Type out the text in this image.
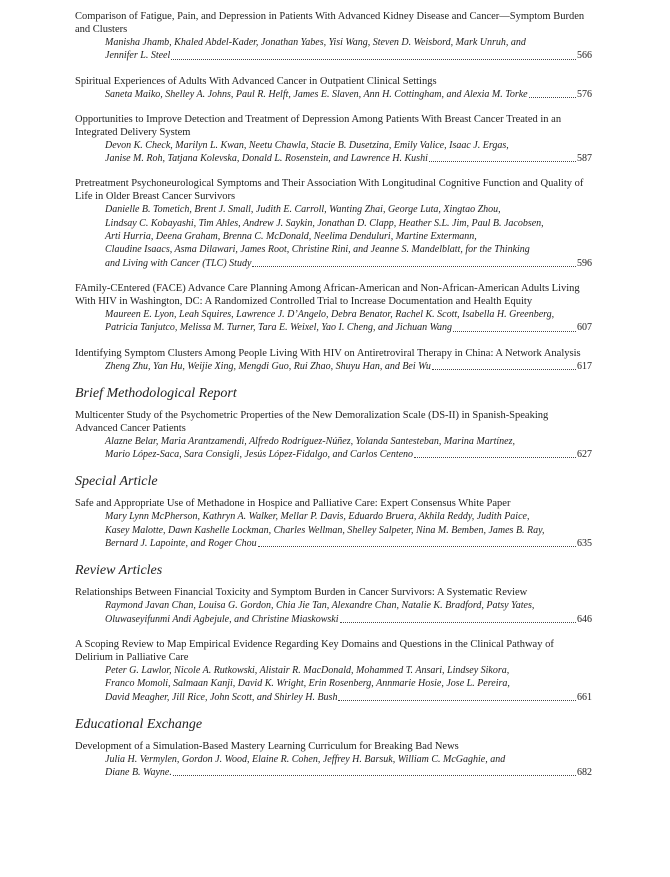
Comparison of Fatigue, Pain, and Depression in Patients With Advanced Kidney Disease and Cancer—Symptom Burden and Clusters
Manisha Jhamb, Khaled Abdel-Kader, Jonathan Yabes, Yisi Wang, Steven D. Weisbord, Mark Unruh, and
Jennifer L. Steel	566
Spiritual Experiences of Adults With Advanced Cancer in Outpatient Clinical Settings
Saneta Maiko, Shelley A. Johns, Paul R. Helft, James E. Slaven, Ann H. Cottingham, and Alexia M. Torke	576
Opportunities to Improve Detection and Treatment of Depression Among Patients With Breast Cancer Treated in an Integrated Delivery System
Devon K. Check, Marilyn L. Kwan, Neetu Chawla, Stacie B. Dusetzina, Emily Valice, Isaac J. Ergas,
Janise M. Roh, Tatjana Kolevska, Donald L. Rosenstein, and Lawrence H. Kushi	587
Pretreatment Psychoneurological Symptoms and Their Association With Longitudinal Cognitive Function and Quality of Life in Older Breast Cancer Survivors
Danielle B. Tometich, Brent J. Small, Judith E. Carroll, Wanting Zhai, George Luta, Xingtao Zhou,
Lindsay C. Kobayashi, Tim Ahles, Andrew J. Saykin, Jonathan D. Clapp, Heather S.L. Jim, Paul B. Jacobsen,
Arti Hurria, Deena Graham, Brenna C. McDonald, Neelima Denduluri, Martine Extermann,
Claudine Isaacs, Asma Dilawari, James Root, Christine Rini, and Jeanne S. Mandelblatt, for the Thinking
and Living with Cancer (TLC) Study	596
FAmily-CEntered (FACE) Advance Care Planning Among African-American and Non-African-American Adults Living With HIV in Washington, DC: A Randomized Controlled Trial to Increase Documentation and Health Equity
Maureen E. Lyon, Leah Squires, Lawrence J. D’Angelo, Debra Benator, Rachel K. Scott, Isabella H. Greenberg,
Patricia Tanjutco, Melissa M. Turner, Tara E. Weixel, Yao I. Cheng, and Jichuan Wang	607
Identifying Symptom Clusters Among People Living With HIV on Antiretroviral Therapy in China: A Network Analysis
Zheng Zhu, Yan Hu, Weijie Xing, Mengdi Guo, Rui Zhao, Shuyu Han, and Bei Wu	617
Brief Methodological Report
Multicenter Study of the Psychometric Properties of the New Demoralization Scale (DS-II) in Spanish-Speaking Advanced Cancer Patients
Alazne Belar, Maria Arantzamendi, Alfredo Rodríguez-Núñez, Yolanda Santesteban, Marina Martínez,
Mario López-Saca, Sara Consigli, Jesús López-Fidalgo, and Carlos Centeno	627
Special Article
Safe and Appropriate Use of Methadone in Hospice and Palliative Care: Expert Consensus White Paper
Mary Lynn McPherson, Kathryn A. Walker, Mellar P. Davis, Eduardo Bruera, Akhila Reddy, Judith Paice,
Kasey Malotte, Dawn Kashelle Lockman, Charles Wellman, Shelley Salpeter, Nina M. Bemben, James B. Ray,
Bernard J. Lapointe, and Roger Chou	635
Review Articles
Relationships Between Financial Toxicity and Symptom Burden in Cancer Survivors: A Systematic Review
Raymond Javan Chan, Louisa G. Gordon, Chia Jie Tan, Alexandre Chan, Natalie K. Bradford, Patsy Yates,
Oluwaseyifunmi Andi Agbejule, and Christine Miaskowski	646
A Scoping Review to Map Empirical Evidence Regarding Key Domains and Questions in the Clinical Pathway of Delirium in Palliative Care
Peter G. Lawlor, Nicole A. Rutkowski, Alistair R. MacDonald, Mohammed T. Ansari, Lindsey Sikora,
Franco Momoli, Salmaan Kanji, David K. Wright, Erin Rosenberg, Annmarie Hosie, Jose L. Pereira,
David Meagher, Jill Rice, John Scott, and Shirley H. Bush	661
Educational Exchange
Development of a Simulation-Based Mastery Learning Curriculum for Breaking Bad News
Julia H. Vermylen, Gordon J. Wood, Elaine R. Cohen, Jeffrey H. Barsuk, William C. McGaghie, and
Diane B. Wayne.	682
